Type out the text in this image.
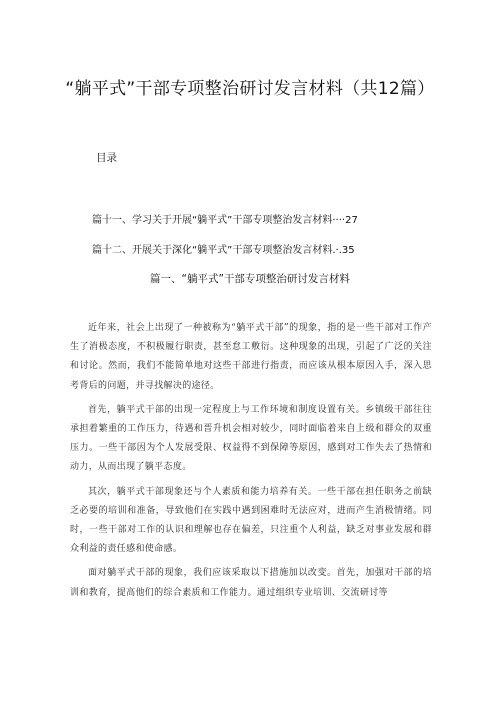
“躺平式”干部专项整治研讨发言材料（共12篇）
目录
篇十一、学习关于开展“躺平式”干部专项整治发言材料····27
篇十二、开展关于深化“躺平式”干部专项整治发言材料.·.35
篇一、“躺平式”干部专项整治研讨发言材料

近年来，社会上出现了一种被称为“躺平式干部”的现象，指的是一些干部对工作产生了消极态度，不积极履行职责，甚至怠工敷衍。这种现象的出现，引起了广泛的关注和讨论。然而，我们不能简单地对这些干部进行指责，而应该从根本原因入手，深入思考背后的问题，并寻找解决的途径。

首先，躺平式干部的出现一定程度上与工作环境和制度设置有关。乡镇级干部往往承担着繁重的工作压力，待遇和晋升机会相对较少，同时面临着来自上级和群众的双重压力。一些干部因为个人发展受限、权益得不到保障等原因，感到对工作失去了热情和动力，从而出现了躺平态度。

其次，躺平式干部现象还与个人素质和能力培养有关。一些干部在担任职务之前缺乏必要的培训和准备，导致他们在实践中遇到困难时无法应对，进而产生消极情绪。同时，一些干部对工作的认识和理解也存在偏差，只注重个人利益，缺乏对事业发展和群众利益的责任感和使命感。

面对躺平式干部的现象，我们应该采取以下措施加以改变。首先，加强对干部的培训和教育，提高他们的综合素质和工作能力。通过组织专业培训、交流研讨等
